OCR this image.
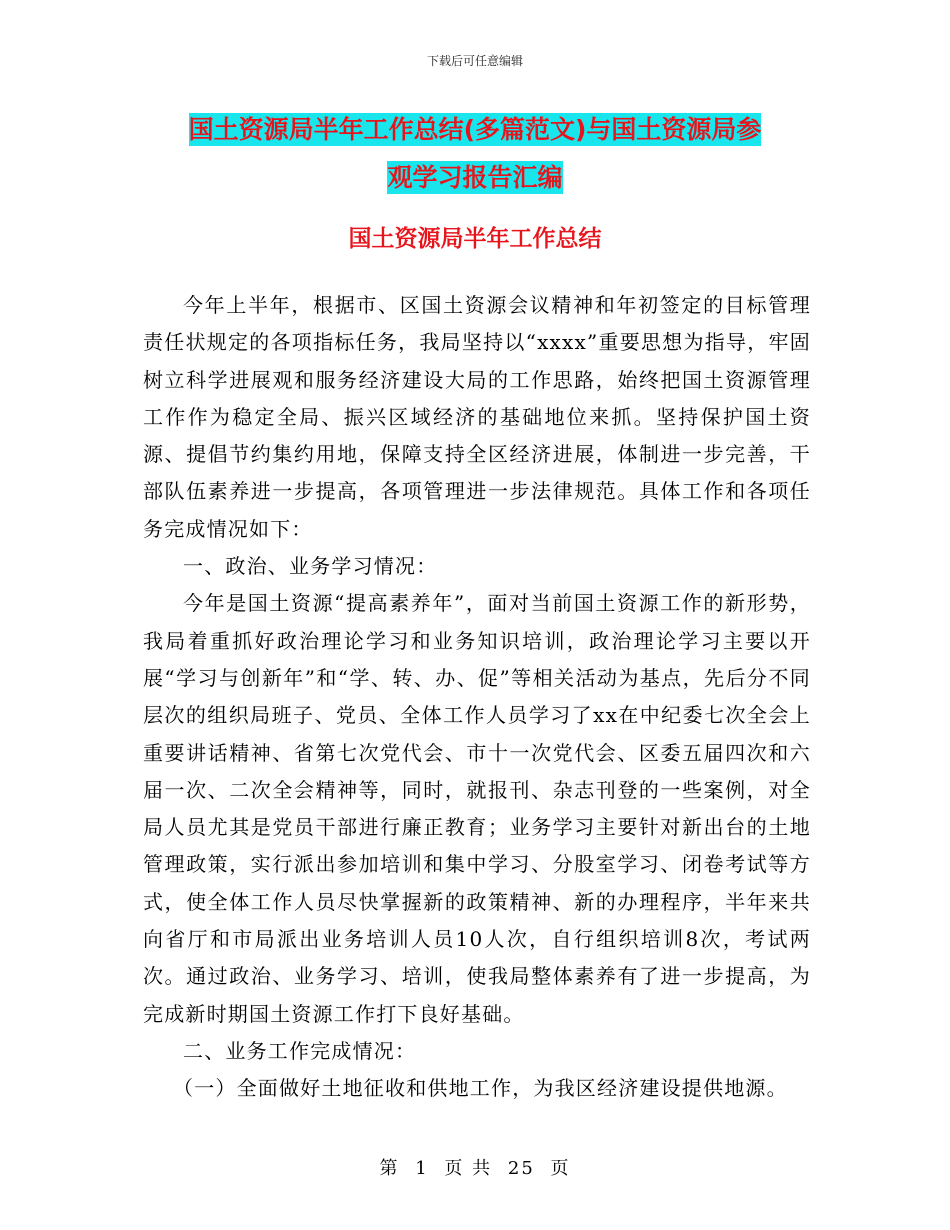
下载后可任意编辑
国土资源局半年工作总结(多篇范文)与国土资源局参
观学习报告汇编
国土资源局半年工作总结

今年上半年，根据市、区国土资源会议精神和年初签定的目标管理责任状规定的各项指标任务，我局坚持以“xxxx”重要思想为指导，牢固树立科学进展观和服务经济建设大局的工作思路，始终把国土资源管理工作作为稳定全局、振兴区域经济的基础地位来抓。坚持保护国土资源、提倡节约集约用地，保障支持全区经济进展，体制进一步完善，干部队伍素养进一步提高，各项管理进一步法律规范。具体工作和各项任务完成情况如下：

一、政治、业务学习情况：

今年是国土资源“提高素养年”，面对当前国土资源工作的新形势，我局着重抓好政治理论学习和业务知识培训，政治理论学习主要以开展“学习与创新年”和“学、转、办、促”等相关活动为基点，先后分不同层次的组织局班子、党员、全体工作人员学习了xx在中纪委七次全会上重要讲话精神、省第七次党代会、市十一次党代会、区委五届四次和六届一次、二次全会精神等，同时，就报刊、杂志刊登的一些案例，对全局人员尤其是党员干部进行廉正教育；业务学习主要针对新出台的土地管理政策，实行派出参加培训和集中学习、分股室学习、闭卷考试等方式，使全体工作人员尽快掌握新的政策精神、新的办理程序，半年来共向省厅和市局派出业务培训人员10人次，自行组织培训8次，考试两次。通过政治、业务学习、培训，使我局整体素养有了进一步提高，为完成新时期国土资源工作打下良好基础。

二、业务工作完成情况：

（一）全面做好土地征收和供地工作，为我区经济建设提供地源。

第 1 页 共 25 页
